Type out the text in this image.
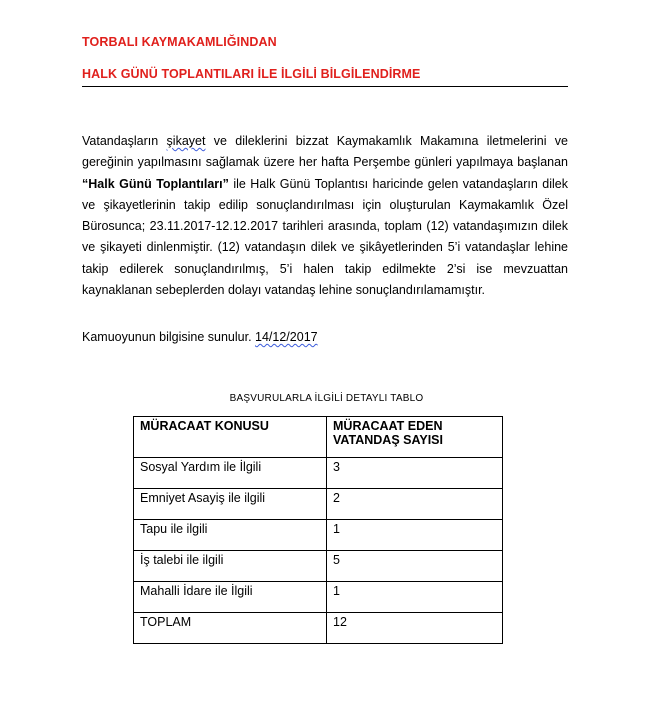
TORBALI KAYMAKAMLIĞINDAN
HALK GÜNÜ TOPLANTILARI İLE İLGİLİ BİLGİLENDİRME
Vatandaşların şikayet ve dileklerini bizzat Kaymakamlık Makamına iletmelerini ve gereğinin yapılmasını sağlamak üzere her hafta Perşembe günleri yapılmaya başlanan “Halk Günü Toplantıları” ile Halk Günü Toplantısı haricinde gelen vatandaşların dilek ve şikayetlerinin takip edilip sonuçlandırılması için oluşturulan Kaymakamlık Özel Bürosunca; 23.11.2017-12.12.2017 tarihleri arasında, toplam (12) vatandaşımızın dilek ve şikayeti dinlenmiştir. (12) vatandaşın dilek ve şikâyetlerinden 5’i vatandaşlar lehine takip edilerek sonuçlandırılmış, 5’i halen takip edilmekte 2’si ise mevzuattan kaynaklanan sebeplerden dolayı vatandaş lehine sonuçlandırılamamıştır.
Kamuoyunun bilgisine sunulur. 14/12/2017
BAŞVURULARLA İLGİLİ DETAYLI TABLO
MÜRACAAT KONUSU	MÜRACAAT EDEN VATANDAŞ SAYISI
Sosyal Yardım ile İlgili	3
Emniyet Asayiş ile ilgili	2
Tapu ile ilgili	1
İş talebi ile ilgili	5
Mahalli İdare ile İlgili	1
TOPLAM	12
